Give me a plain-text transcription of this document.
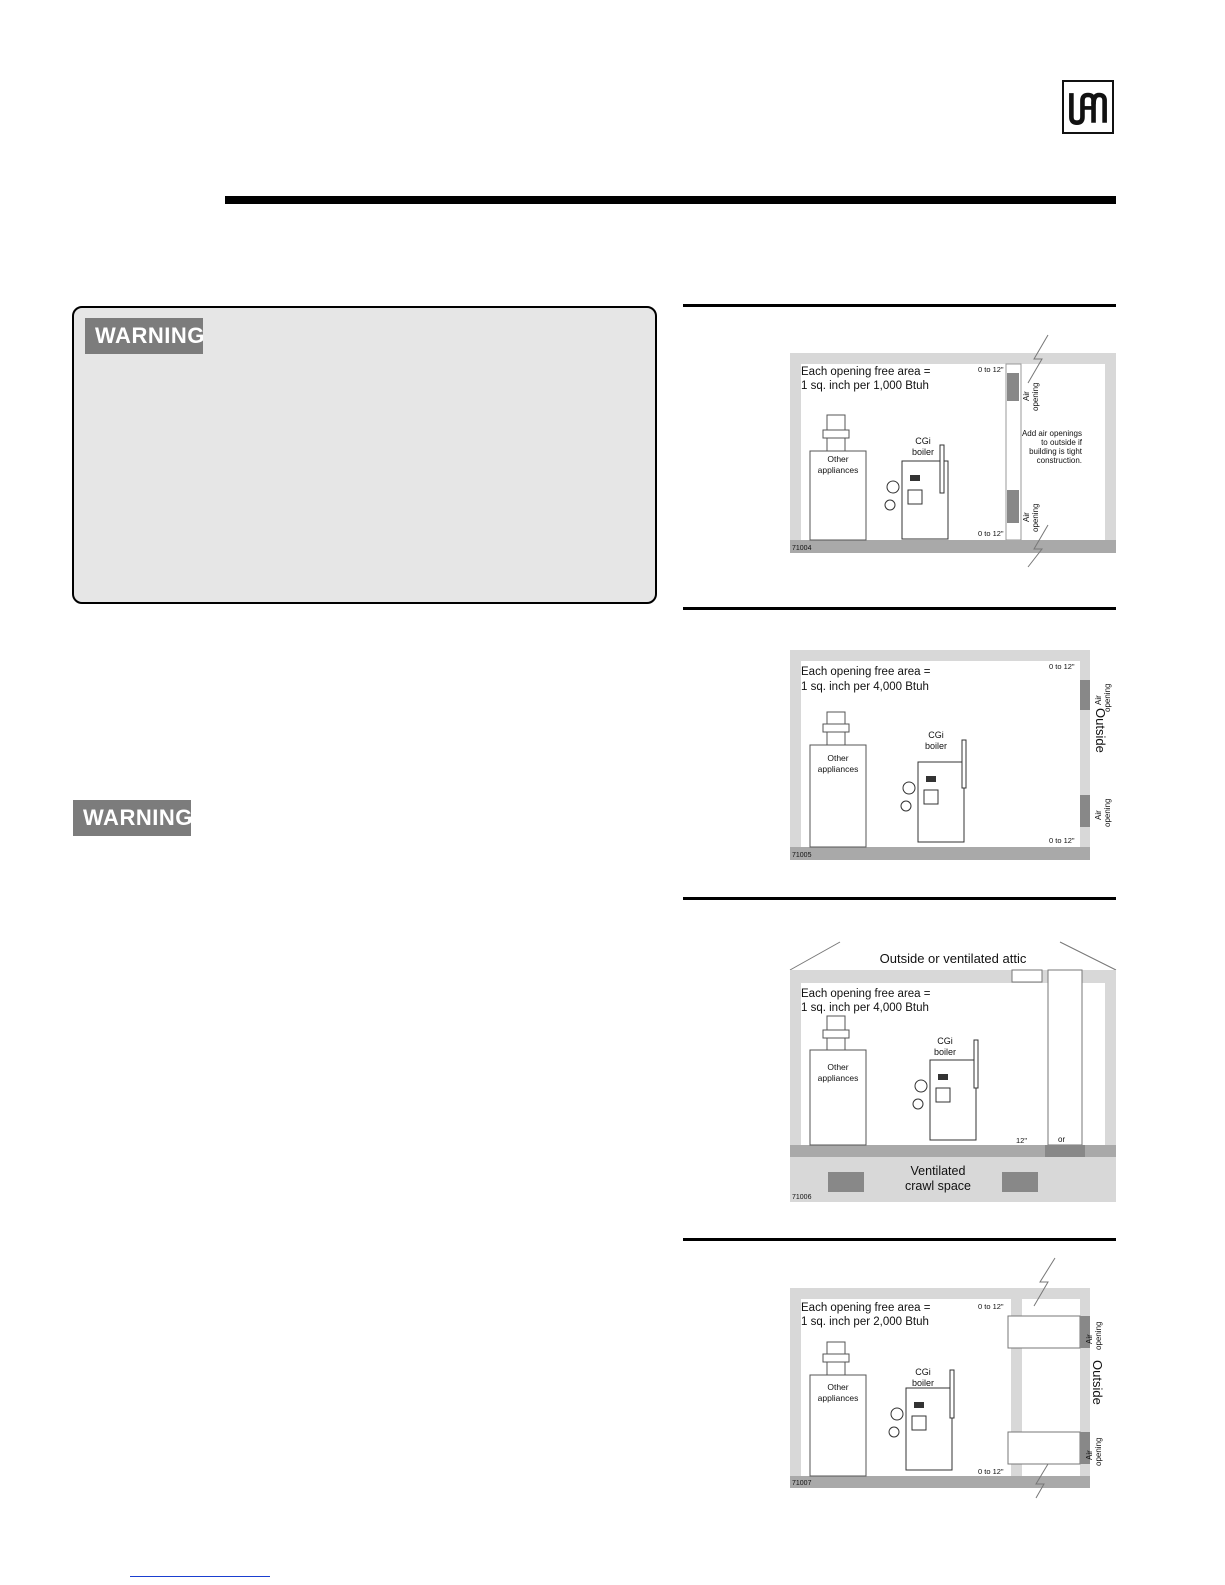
WARNING
WARNING
Each opening free area =
1 sq. inch per 1,000 Btuh
CGi
boiler
Other
appliances
0 to 12"
0 to 12"
Air opening
Air opening
Add air openings
to outside if
building is tight
construction.
71004
Each opening free area =
1 sq. inch per 4,000 Btuh
CGi
boiler
Other
appliances
0 to 12"
0 to 12"
Air opening
Air opening
Outside
71005
Outside or ventilated attic
Each opening free area =
1 sq. inch per 4,000 Btuh
CGi
boiler
Other
appliances
12"	or
Ventilated
crawl space
71006
Each opening free area =
1 sq. inch per 2,000 Btuh
CGi
boiler
Other
appliances
0 to 12"
0 to 12"
Air opening
Air opening
Outside
71007
